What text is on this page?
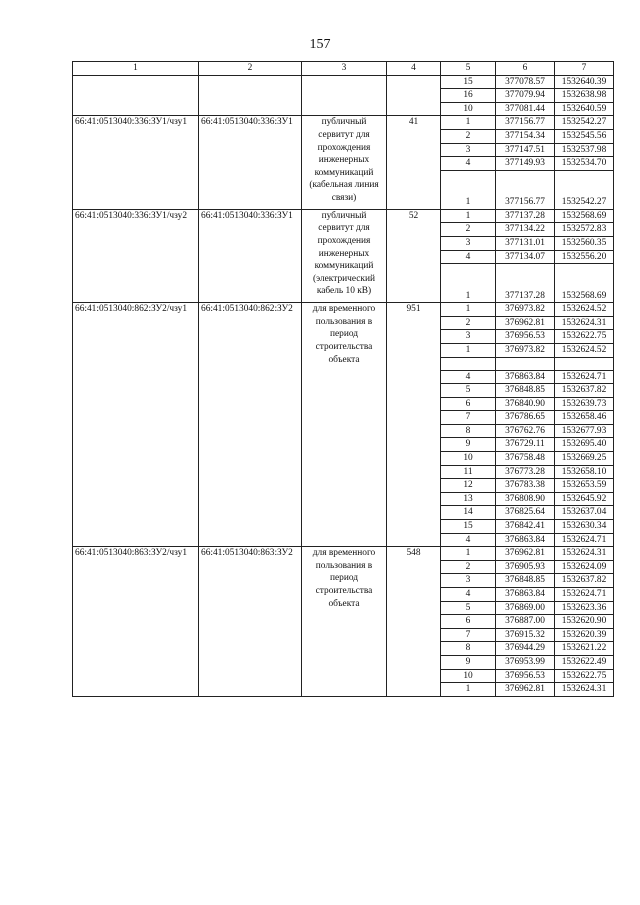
157
1	2	3	4	5	6	7
				15	377078.57	1532640.39
				16	377079.94	1532638.98
				10	377081.44	1532640.59
66:41:0513040:336:ЗУ1/чзу1	66:41:0513040:336:ЗУ1	публичный сервитут для прохождения инженерных коммуникаций (кабельная линия связи)	41	1	377156.77	1532542.27
				2	377154.34	1532545.56
				3	377147.51	1532537.98
				4	377149.93	1532534.70
				1	377156.77	1532542.27
66:41:0513040:336:ЗУ1/чзу2	66:41:0513040:336:ЗУ1	публичный сервитут для прохождения инженерных коммуникаций (электрический кабель 10 кВ)	52	1	377137.28	1532568.69
				2	377134.22	1532572.83
				3	377131.01	1532560.35
				4	377134.07	1532556.20
				1	377137.28	1532568.69
66:41:0513040:862:ЗУ2/чзу1	66:41:0513040:862:ЗУ2	для временного пользования в период строительства объекта	951	1	376973.82	1532624.52
				2	376962.81	1532624.31
				3	376956.53	1532622.75
				1	376973.82	1532624.52

				4	376863.84	1532624.71
				5	376848.85	1532637.82
				6	376840.90	1532639.73
				7	376786.65	1532658.46
				8	376762.76	1532677.93
				9	376729.11	1532695.40
				10	376758.48	1532669.25
				11	376773.28	1532658.10
				12	376783.38	1532653.59
				13	376808.90	1532645.92
				14	376825.64	1532637.04
				15	376842.41	1532630.34
				4	376863.84	1532624.71
66:41:0513040:863:ЗУ2/чзу1	66:41:0513040:863:ЗУ2	для временного пользования в период строительства объекта	548	1	376962.81	1532624.31
				2	376905.93	1532624.09
				3	376848.85	1532637.82
				4	376863.84	1532624.71
				5	376869.00	1532623.36
				6	376887.00	1532620.90
				7	376915.32	1532620.39
				8	376944.29	1532621.22
				9	376953.99	1532622.49
				10	376956.53	1532622.75
				1	376962.81	1532624.31
